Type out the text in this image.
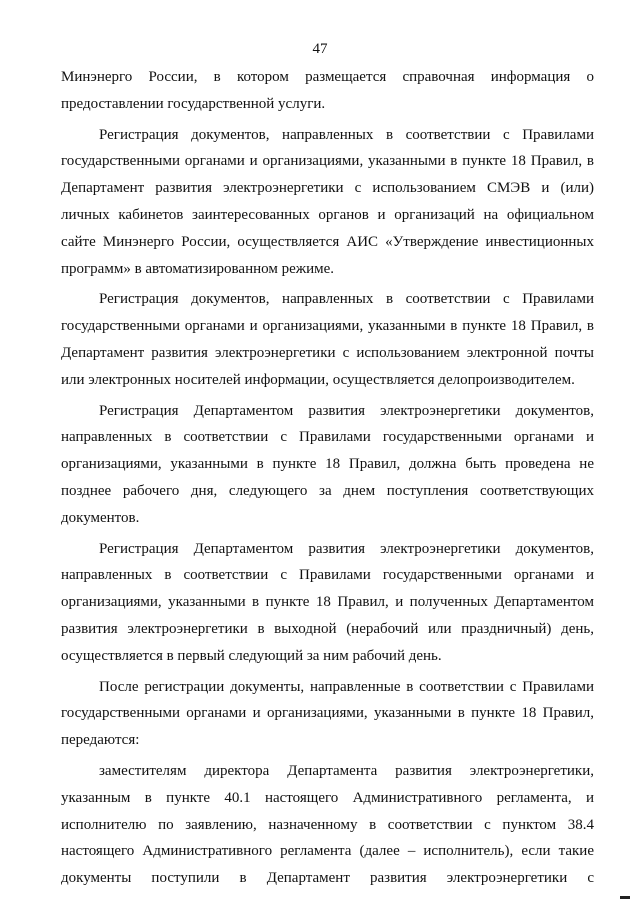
47
Минэнерго России, в котором размещается справочная информация о
предоставлении государственной услуги.
Регистрация документов, направленных в соответствии с Правилами
государственными органами и организациями, указанными в пункте 18 Правил, в
Департамент развития электроэнергетики с использованием СМЭВ и (или)
личных кабинетов заинтересованных органов и организаций на официальном
сайте Минэнерго России, осуществляется АИС «Утверждение инвестиционных
программ» в автоматизированном режиме.
Регистрация документов, направленных в соответствии с Правилами
государственными органами и организациями, указанными в пункте 18 Правил, в
Департамент развития электроэнергетики с использованием электронной почты
или электронных носителей информации, осуществляется делопроизводителем.
Регистрация Департаментом развития электроэнергетики документов,
направленных в соответствии с Правилами государственными органами и
организациями, указанными в пункте 18 Правил, должна быть проведена не
позднее рабочего дня, следующего за днем поступления соответствующих
документов.
Регистрация Департаментом развития электроэнергетики документов,
направленных в соответствии с Правилами государственными органами и
организациями, указанными в пункте 18 Правил, и полученных Департаментом
развития электроэнергетики в выходной (нерабочий или праздничный) день,
осуществляется в первый следующий за ним рабочий день.
После регистрации документы, направленные в соответствии с Правилами
государственными органами и организациями, указанными в пункте 18 Правил,
передаются:
заместителям директора Департамента развития электроэнергетики,
указанным в пункте 40.1 настоящего Административного регламента, и
исполнителю по заявлению, назначенному в соответствии с пунктом 38.4
настоящего Административного регламента (далее – исполнитель), если такие
документы поступили в Департамент развития электроэнергетики с
